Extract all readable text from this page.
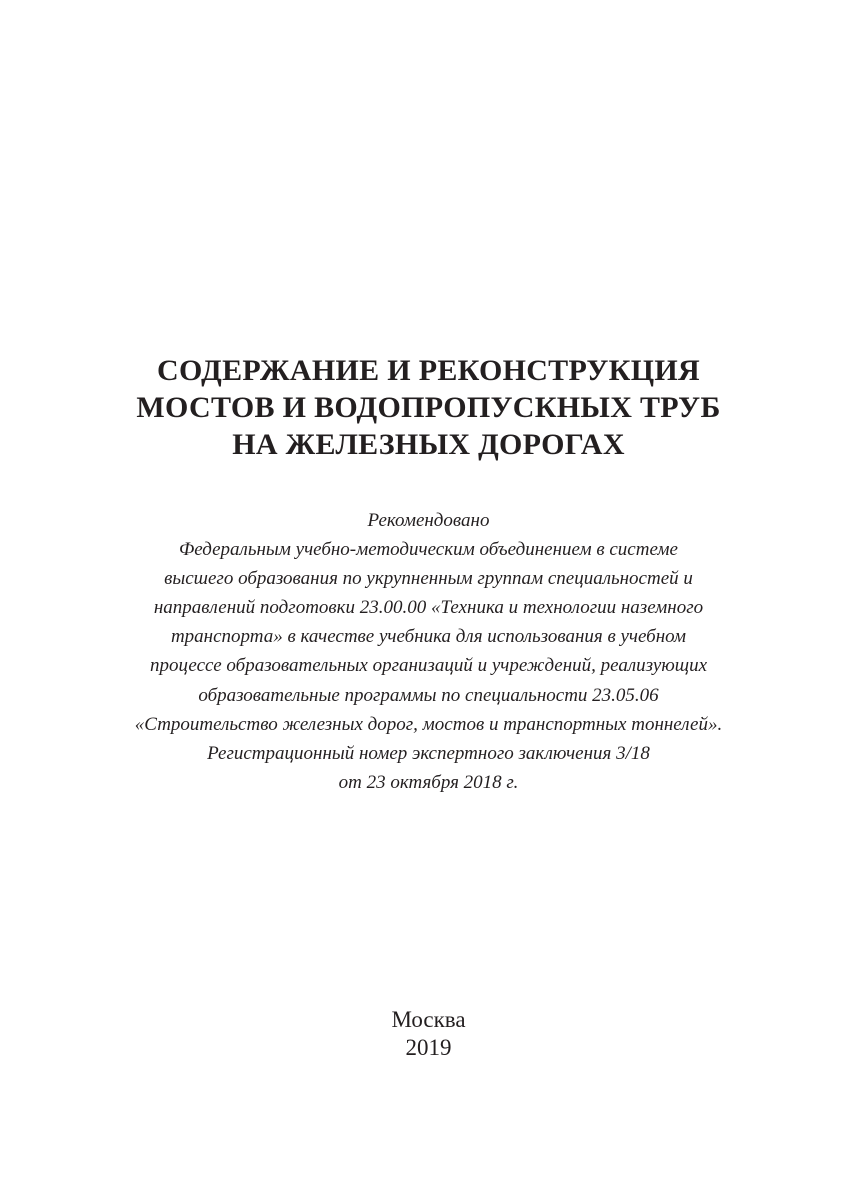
СОДЕРЖАНИЕ И РЕКОНСТРУКЦИЯ
МОСТОВ И ВОДОПРОПУСКНЫХ ТРУБ
НА ЖЕЛЕЗНЫХ ДОРОГАХ
Рекомендовано
Федеральным учебно-методическим объединением в системе
высшего образования по укрупненным группам специальностей и
направлений подготовки 23.00.00 «Техника и технологии наземного
транспорта» в качестве учебника для использования в учебном
процессе образовательных организаций и учреждений, реализующих
образовательные программы по специальности 23.05.06
«Строительство железных дорог, мостов и транспортных тоннелей».
Регистрационный номер экспертного заключения 3/18
от 23 октября 2018 г.
Москва
2019
